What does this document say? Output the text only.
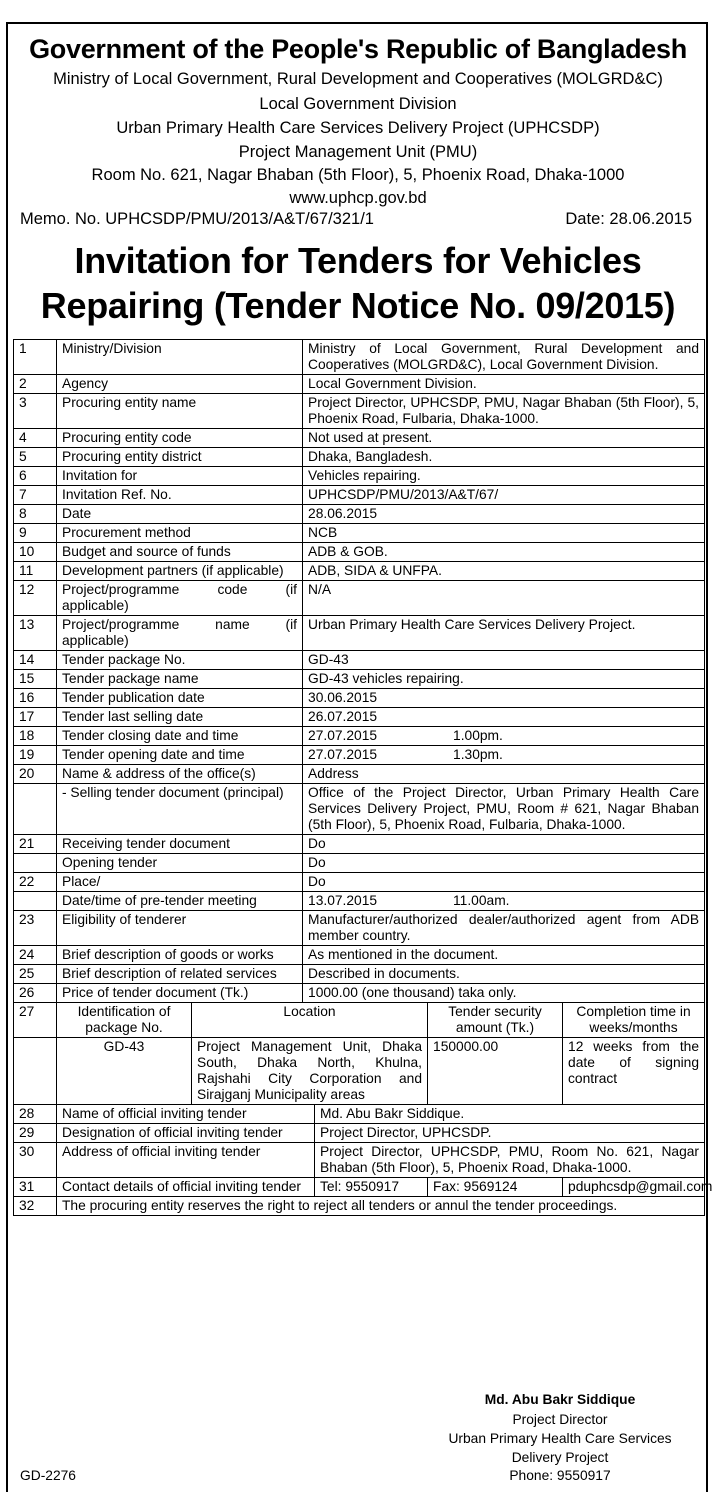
Government of the People's Republic of Bangladesh
Ministry of Local Government, Rural Development and Cooperatives (MOLGRD&C)
Local Government Division
Urban Primary Health Care Services Delivery Project (UPHCSDP)
Project Management Unit (PMU)
Room No. 621, Nagar Bhaban (5th Floor), 5, Phoenix Road, Dhaka-1000
www.uphcp.gov.bd
Memo. No. UPHCSDP/PMU/2013/A&T/67/321/1	Date: 28.06.2015
Invitation for Tenders for Vehicles
Repairing (Tender Notice No. 09/2015)
1	Ministry/Division		Ministry of Local Government, Rural Development and Cooperatives (MOLGRD&C), Local Government Division.			
2	Agency		Local Government Division.			
3	Procuring entity name		Project Director, UPHCSDP, PMU, Nagar Bhaban (5th Floor), 5, Phoenix Road, Fulbaria, Dhaka-1000.			
4	Procuring entity code		Not used at present.			
5	Procuring entity district		Dhaka, Bangladesh.			
6	Invitation for		Vehicles repairing.			
7	Invitation Ref. No.		UPHCSDP/PMU/2013/A&T/67/			
8	Date		28.06.2015			
9	Procurement method		NCB			
10	Budget and source of funds		ADB & GOB.			
11	Development partners (if applicable)		ADB, SIDA & UNFPA.			
12	Project/programme code (if applicable)		N/A			
13	Project/programme name (if applicable)		Urban Primary Health Care Services Delivery Project.			
14	Tender package No.		GD-43			
15	Tender package name		GD-43 vehicles repairing.			
16	Tender publication date		30.06.2015			
17	Tender last selling date		26.07.2015			
18	Tender closing date and time		27.07.2015 1.00pm.			
19	Tender opening date and time		27.07.2015 1.30pm.			
20	Name & address of the office(s)		Address			
	- Selling tender document (principal)		Office of the Project Director, Urban Primary Health Care Services Delivery Project, PMU, Room # 621, Nagar Bhaban (5th Floor), 5, Phoenix Road, Fulbaria, Dhaka-1000.			
21	Receiving tender document		Do			
	Opening tender		Do			
22	Place/		Do			
	Date/time of pre-tender meeting		13.07.2015 11.00am.			
23	Eligibility of tenderer		Manufacturer/authorized dealer/authorized agent from ADB member country.			
24	Brief description of goods or works		As mentioned in the document.			
25	Brief description of related services		Described in documents.			
26	Price of tender document (Tk.)		1000.00 (one thousand) taka only.			
27	Identification of package No.	Location			Tender security amount (Tk.)	Completion time in weeks/months
	GD-43	Project Management Unit, Dhaka South, Dhaka North, Khulna, Rajshahi City Corporation and Sirajganj Municipality areas			150000.00	12 weeks from the date of signing contract
28	Name of official inviting tender			Md. Abu Bakr Siddique.		
29	Designation of official inviting tender			Project Director, UPHCSDP.		
30	Address of official inviting tender			Project Director, UPHCSDP, PMU, Room No. 621, Nagar Bhaban (5th Floor), 5, Phoenix Road, Dhaka-1000.		
31	Contact details of official inviting tender			Tel: 9550917	Fax: 9569124	pduphcsdp@gmail.com
32	The procuring entity reserves the right to reject all tenders or annul the tender proceedings.					
Md. Abu Bakr Siddique
Project Director
Urban Primary Health Care Services
Delivery Project
Phone: 9550917
GD-2276
